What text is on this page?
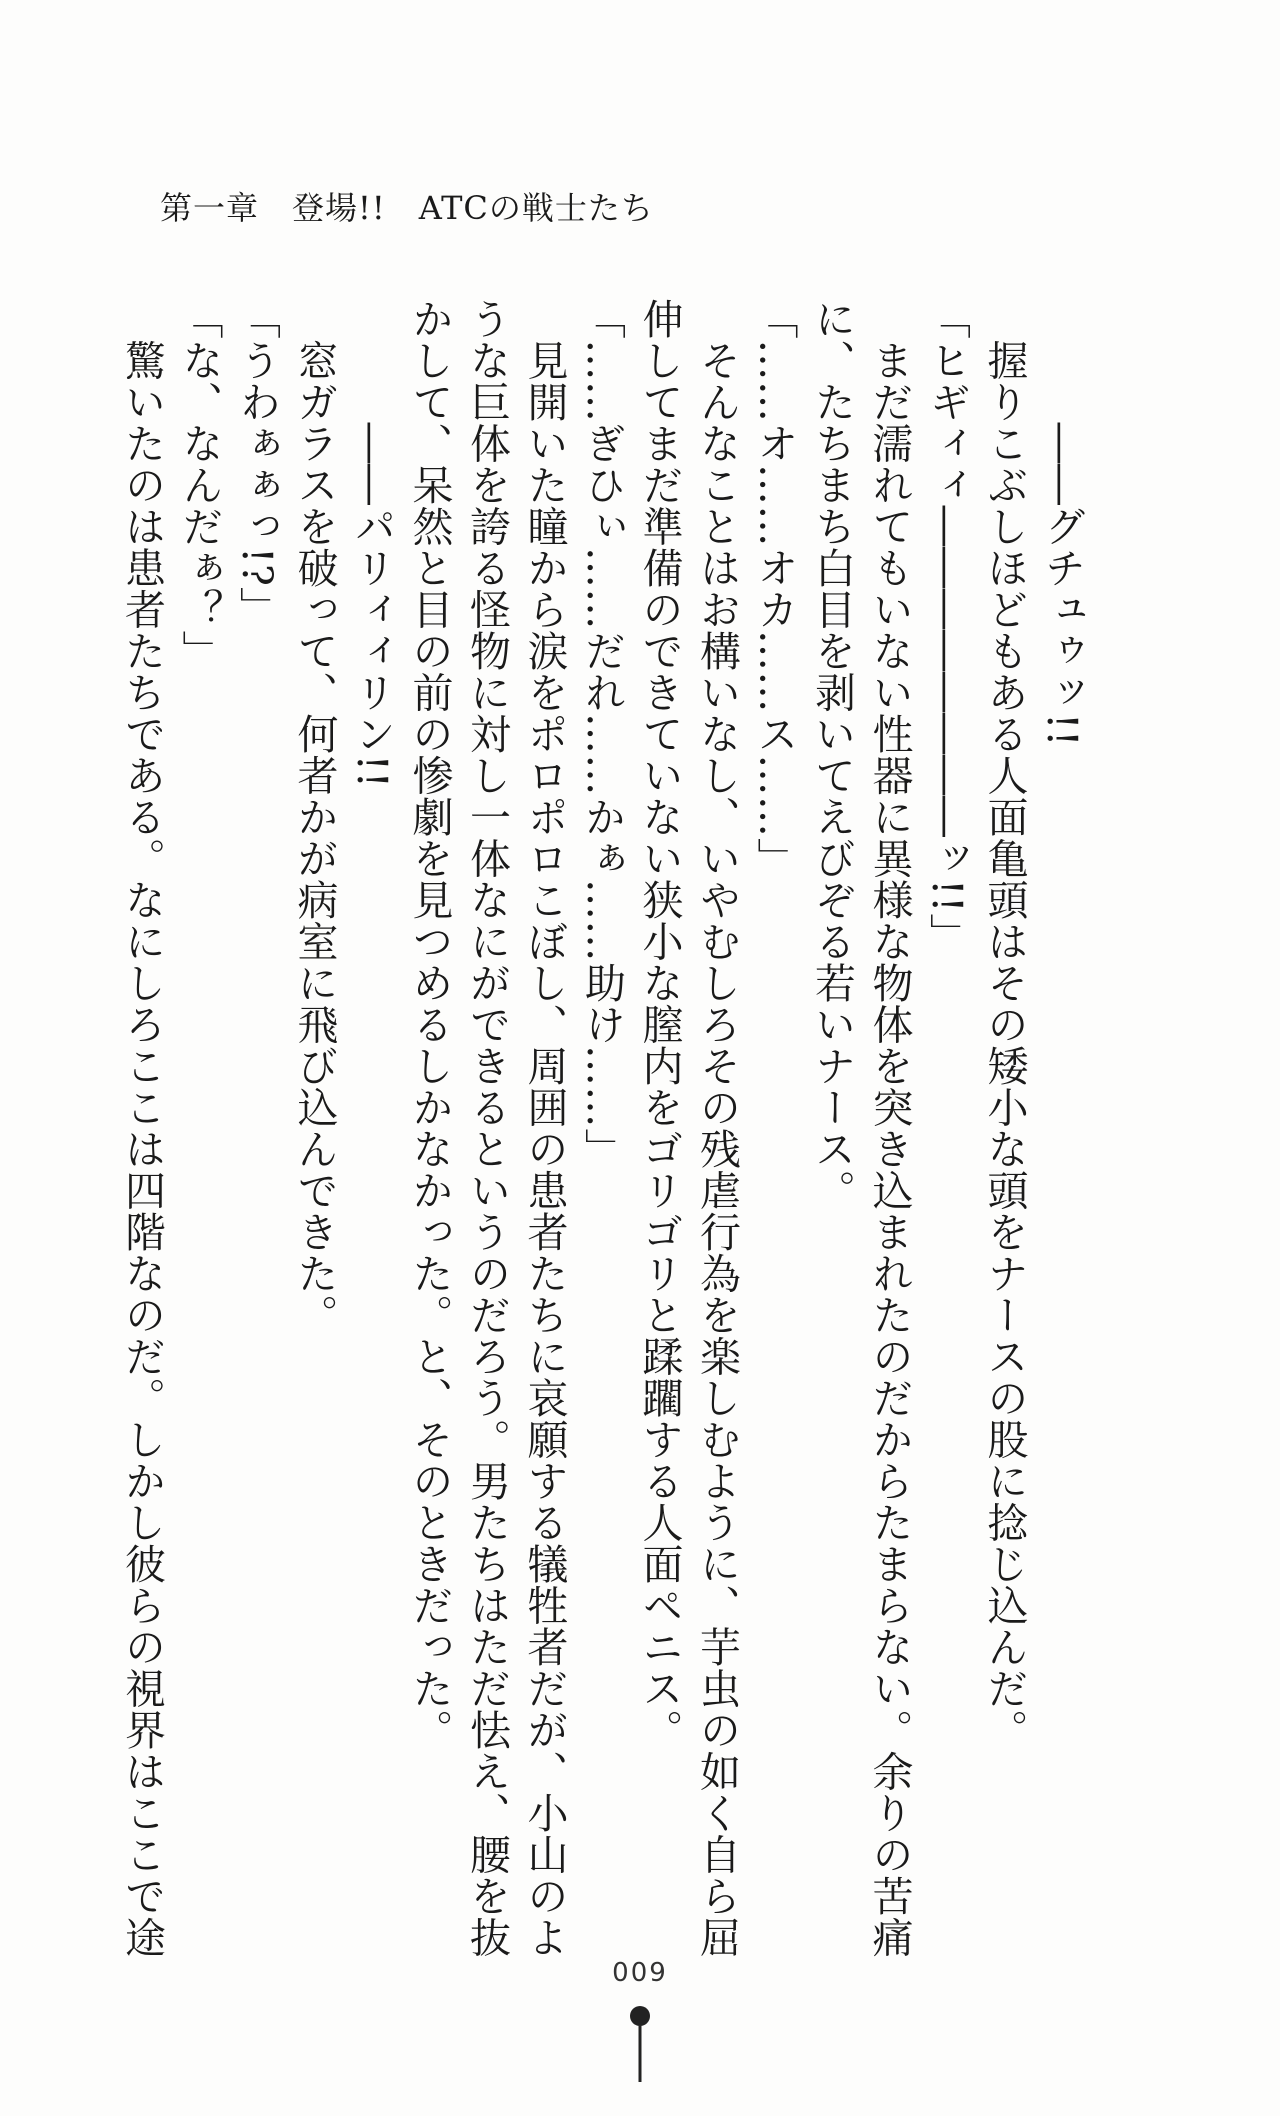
第一章　登場!!　ATCの戦士たち
　　　――グチュゥッ!!
　握りこぶしほどもある人面亀頭はその矮小な頭をナースの股に捻じ込んだ。
「ヒギィィ――――――――ッ!!」
　まだ濡れてもいない性器に異様な物体を突き込まれたのだからたまらない。余りの苦痛
に、たちまち白目を剥いてえびぞる若いナース。
「……オ……オカ……ス……」
　そんなことはお構いなし、いやむしろその残虐行為を楽しむように、芋虫の如く自ら屈
伸してまだ準備のできていない狭小な膣内をゴリゴリと蹂躙する人面ペニス。
「……ぎひぃ……だれ……かぁ……助け……」
　見開いた瞳から涙をポロポロこぼし、周囲の患者たちに哀願する犠牲者だが、小山のよ
うな巨体を誇る怪物に対し一体なにができるというのだろう。男たちはただ怯え、腰を抜
かして、呆然と目の前の惨劇を見つめるしかなかった。と、そのときだった。
　　　――パリィィリン!!
　窓ガラスを破って、何者かが病室に飛び込んできた。
「うわぁぁっ!?」
「な、なんだぁ？」
　驚いたのは患者たちである。なにしろここは四階なのだ。しかし彼らの視界はここで途
009
